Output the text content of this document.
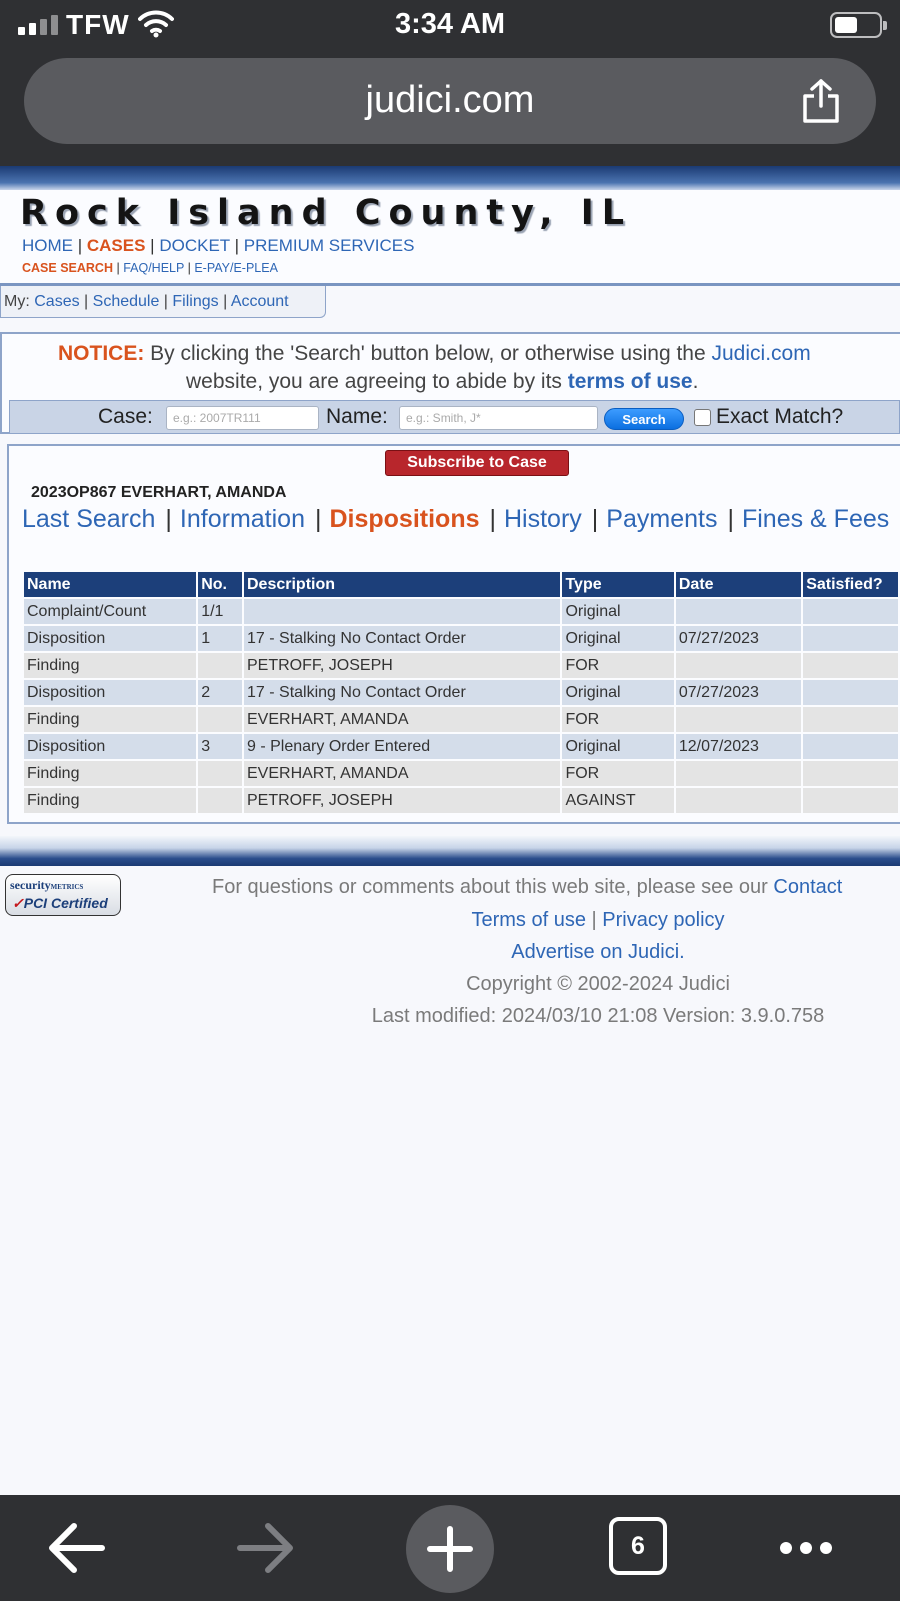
TFW	3:34 AM
judici.com
Rock Island County, IL
HOME | CASES | DOCKET | PREMIUM SERVICES
CASE SEARCH | FAQ/HELP | E-PAY/E-PLEA
My: Cases | Schedule | Filings | Account
NOTICE: By clicking the 'Search' button below, or otherwise using the Judici.com
website, you are agreeing to abide by its terms of use.
Case:	e.g.: 2007TR111	Name:	e.g.: Smith, J*	Search	Exact Match?
Subscribe to Case
2023OP867 EVERHART, AMANDA
Last Search | Information | Dispositions | History | Payments | Fines & Fees
Name	No.	Description	Type	Date	Satisfied?
Complaint/Count	1/1		Original		
Disposition	1	17 - Stalking No Contact Order	Original	07/27/2023	
Finding		PETROFF, JOSEPH	FOR		
Disposition	2	17 - Stalking No Contact Order	Original	07/27/2023	
Finding		EVERHART, AMANDA	FOR		
Disposition	3	9 - Plenary Order Entered	Original	12/07/2023	
Finding		EVERHART, AMANDA	FOR		
Finding		PETROFF, JOSEPH	AGAINST		
securityMETRICS
✓PCI Certified
For questions or comments about this web site, please see our Contact
Terms of use | Privacy policy
Advertise on Judici.
Copyright © 2002-2024 Judici
Last modified: 2024/03/10 21:08 Version: 3.9.0.758
6
